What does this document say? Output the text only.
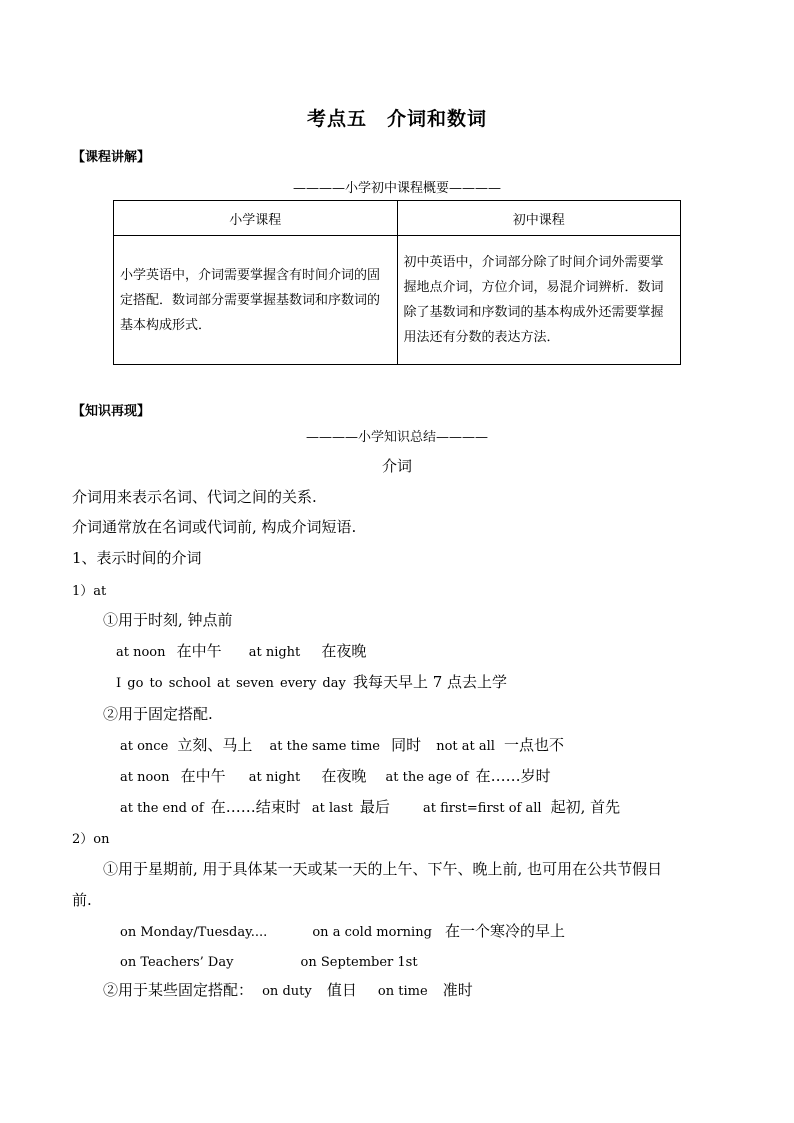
考点五　介词和数词
【课程讲解】
————小学初中课程概要————
小学课程	初中课程
小学英语中，介词需要掌握含有时间介词的固定搭配．数词部分需要掌握基数词和序数词的基本构成形式．	初中英语中，介词部分除了时间介词外需要掌握地点介词，方位介词，易混介词辨析．数词除了基数词和序数词的基本构成外还需要掌握用法还有分数的表达方法．
【知识再现】
————小学知识总结————
介词
介词用来表示名词、代词之间的关系.
介词通常放在名词或代词前, 构成介词短语.
1、表示时间的介词
1）at
①用于时刻, 钟点前
at noon 在中午 at night 在夜晚
I go to school at seven every day 我每天早上 7 点去上学
②用于固定搭配.
at once 立刻、马上 at the same time 同时 not at all 一点也不
at noon 在中午 at night 在夜晚 at the age of 在……岁时
at the end of 在……结束时 at last 最后	at first=first of all 起初, 首先
2）on
①用于星期前, 用于具体某一天或某一天的上午、下午、晚上前, 也可用在公共节假日
前.
on Monday/Tuesday....	on a cold morning 在一个寒冷的早上
on Teachers’ Day	on September 1st
②用于某些固定搭配： on duty 值日 on time 准时
